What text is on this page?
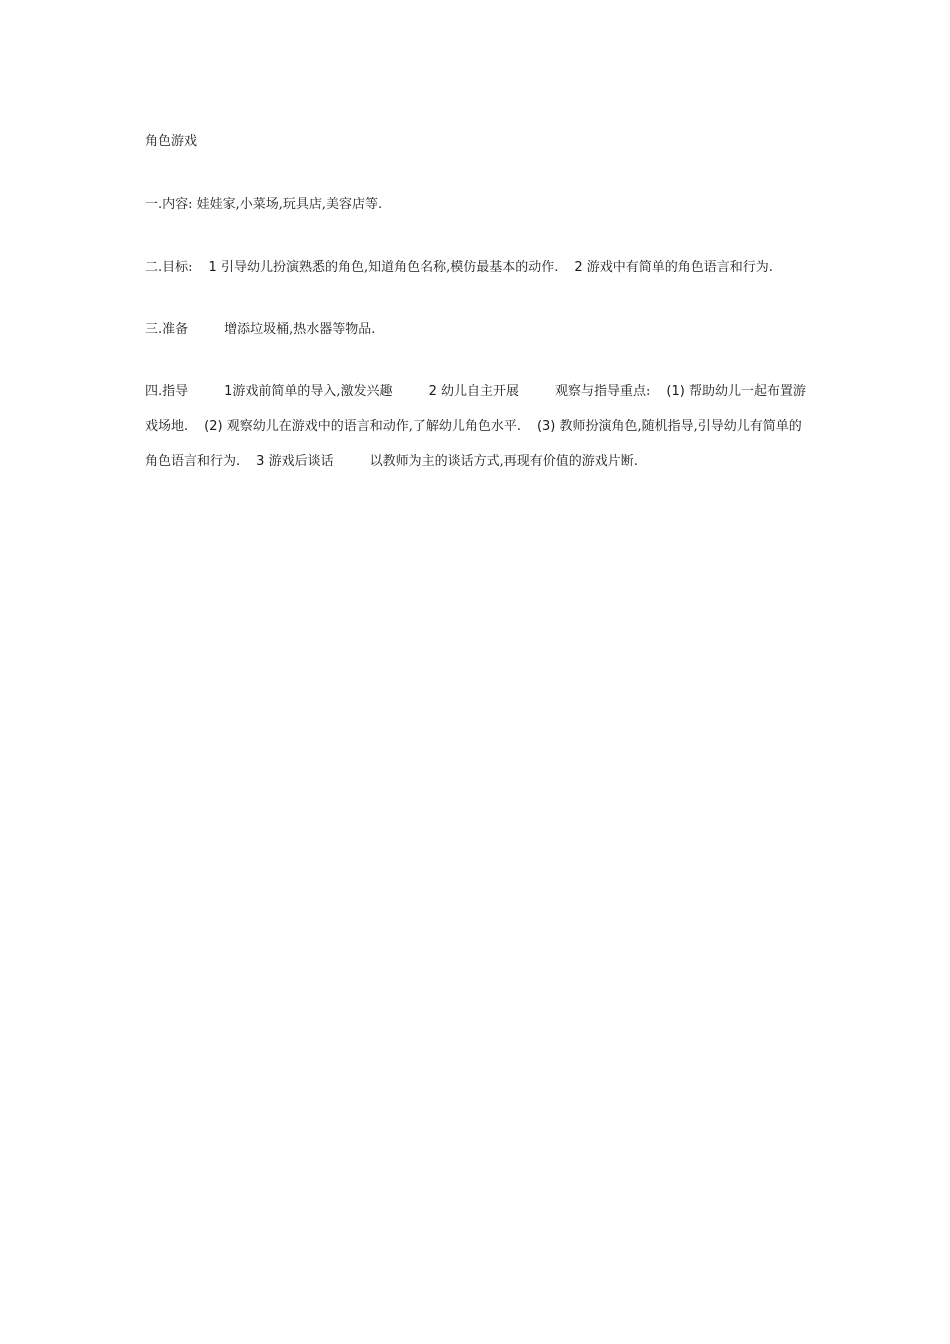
角色游戏

一.内容: 娃娃家,小菜场,玩具店,美容店等.

二.目标: 1 引导幼儿扮演熟悉的角色,知道角色名称,模仿最基本的动作. 2 游戏中有简单的角色语言和行为.

三.准备	增添垃圾桶,热水器等物品.

四.指导	1游戏前简单的导入,激发兴趣	2 幼儿自主开展	观察与指导重点: (1) 帮助幼儿一起布置游戏场地. (2) 观察幼儿在游戏中的语言和动作,了解幼儿角色水平. (3) 教师扮演角色,随机指导,引导幼儿有简单的角色语言和行为. 3 游戏后谈话	以教师为主的谈话方式,再现有价值的游戏片断.
